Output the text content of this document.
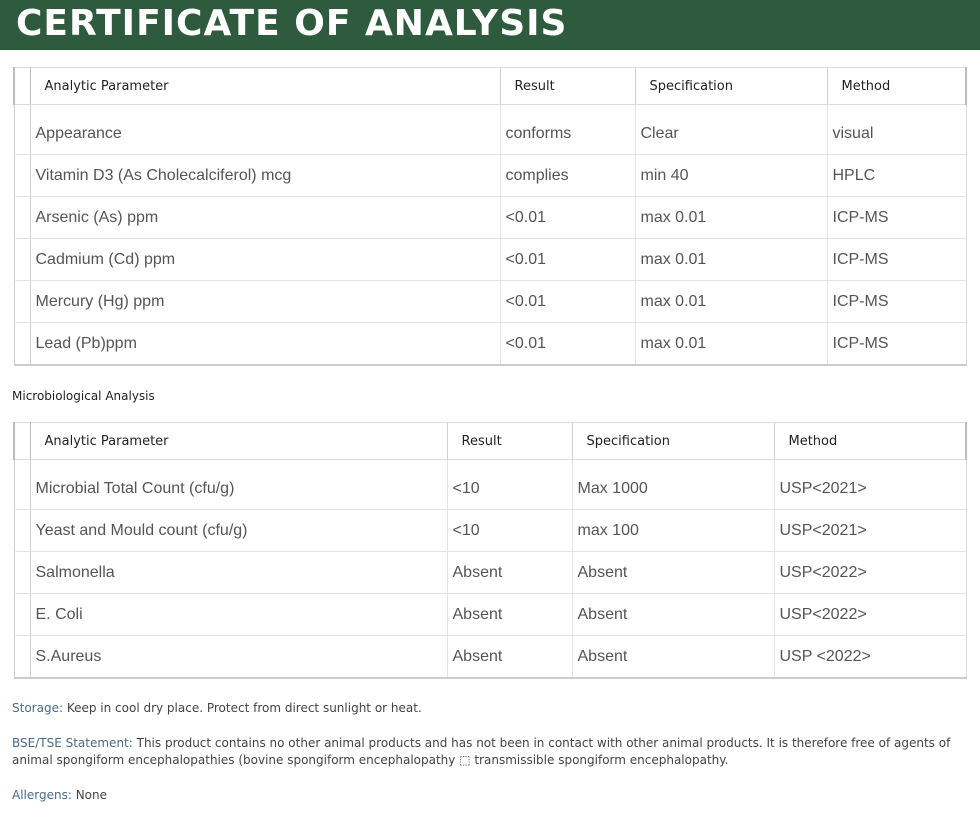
CERTIFICATE OF ANALYSIS
	Analytic Parameter	Result	Specification	Method

	Appearance	conforms	Clear	visual
	Vitamin D3 (As Cholecalciferol) mcg	complies	min 40	HPLC
	Arsenic (As) ppm	<0.01	max 0.01	ICP-MS
	Cadmium (Cd) ppm	<0.01	max 0.01	ICP-MS
	Mercury (Hg) ppm	<0.01	max 0.01	ICP-MS
	Lead (Pb)ppm	<0.01	max 0.01	ICP-MS

Microbiological Analysis

	Analytic Parameter	Result	Specification	Method

	Microbial Total Count (cfu/g)	<10	Max 1000	USP<2021>
	Yeast and Mould count (cfu/g)	<10	max 100	USP<2021>
	Salmonella	Absent	Absent	USP<2022>
	E. Coli	Absent	Absent	USP<2022>
	S.Aureus	Absent	Absent	USP <2022>

Storage: Keep in cool dry place. Protect from direct sunlight or heat.

BSE/TSE Statement: This product contains no other animal products and has not been in contact with other animal products. It is therefore free of agents of animal spongiform encephalopathies (bovine spongiform encephalopathy ⬚ transmissible spongiform encephalopathy.

Allergens: None
